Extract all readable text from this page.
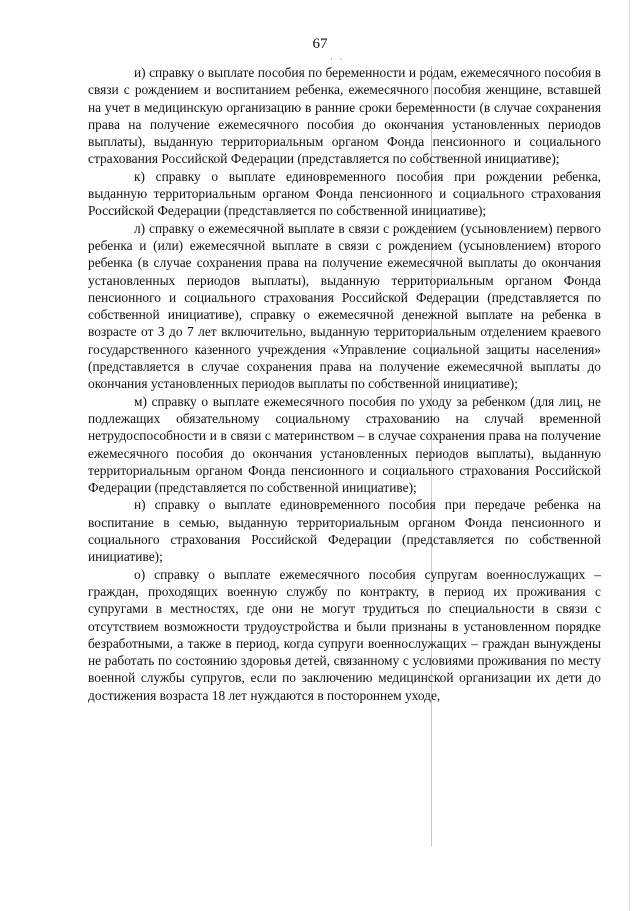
· ·
67

и) справку о выплате пособия по беременности и родам, ежемесячного пособия в связи с рождением и воспитанием ребенка, ежемесячного пособия женщине, вставшей на учет в медицинскую организацию в ранние сроки беременности (в случае сохранения права на получение ежемесячного пособия до окончания установленных периодов выплаты), выданную территориальным органом Фонда пенсионного и социального страхования Российской Федерации (представляется по собственной инициативе);

к) справку о выплате единовременного пособия при рождении ребенка, выданную территориальным органом Фонда пенсионного и социального страхования Российской Федерации (представляется по собственной инициативе);

л) справку о ежемесячной выплате в связи с рождением (усыновлением) первого ребенка и (или) ежемесячной выплате в связи с рождением (усыновлением) второго ребенка (в случае сохранения права на получение ежемесячной выплаты до окончания установленных периодов выплаты), выданную территориальным органом Фонда пенсионного и социального страхования Российской Федерации (представляется по собственной инициативе), справку о ежемесячной денежной выплате на ребенка в возрасте от 3 до 7 лет включительно, выданную территориальным отделением краевого государственного казенного учреждения «Управление социальной защиты населения» (представляется в случае сохранения права на получение ежемесячной выплаты до окончания установленных периодов выплаты по собственной инициативе);

м) справку о выплате ежемесячного пособия по уходу за ребенком (для лиц, не подлежащих обязательному социальному страхованию на случай временной нетрудоспособности и в связи с материнством – в случае сохранения права на получение ежемесячного пособия до окончания установленных периодов выплаты), выданную территориальным органом Фонда пенсионного и социального страхования Российской Федерации (представляется по собственной инициативе);

н) справку о выплате единовременного пособия при передаче ребенка на воспитание в семью, выданную территориальным органом Фонда пенсионного и социального страхования Российской Федерации (представляется по собственной инициативе);

о) справку о выплате ежемесячного пособия супругам военнослужащих – граждан, проходящих военную службу по контракту, в период их проживания с супругами в местностях, где они не могут трудиться по специальности в связи с отсутствием возможности трудоустройства и были признаны в установленном порядке безработными, а также в период, когда супруги военнослужащих – граждан вынуждены не работать по состоянию здоровья детей, связанному с условиями проживания по месту военной службы супругов, если по заключению медицинской организации их дети до достижения возраста 18 лет нуждаются в постороннем уходе,
